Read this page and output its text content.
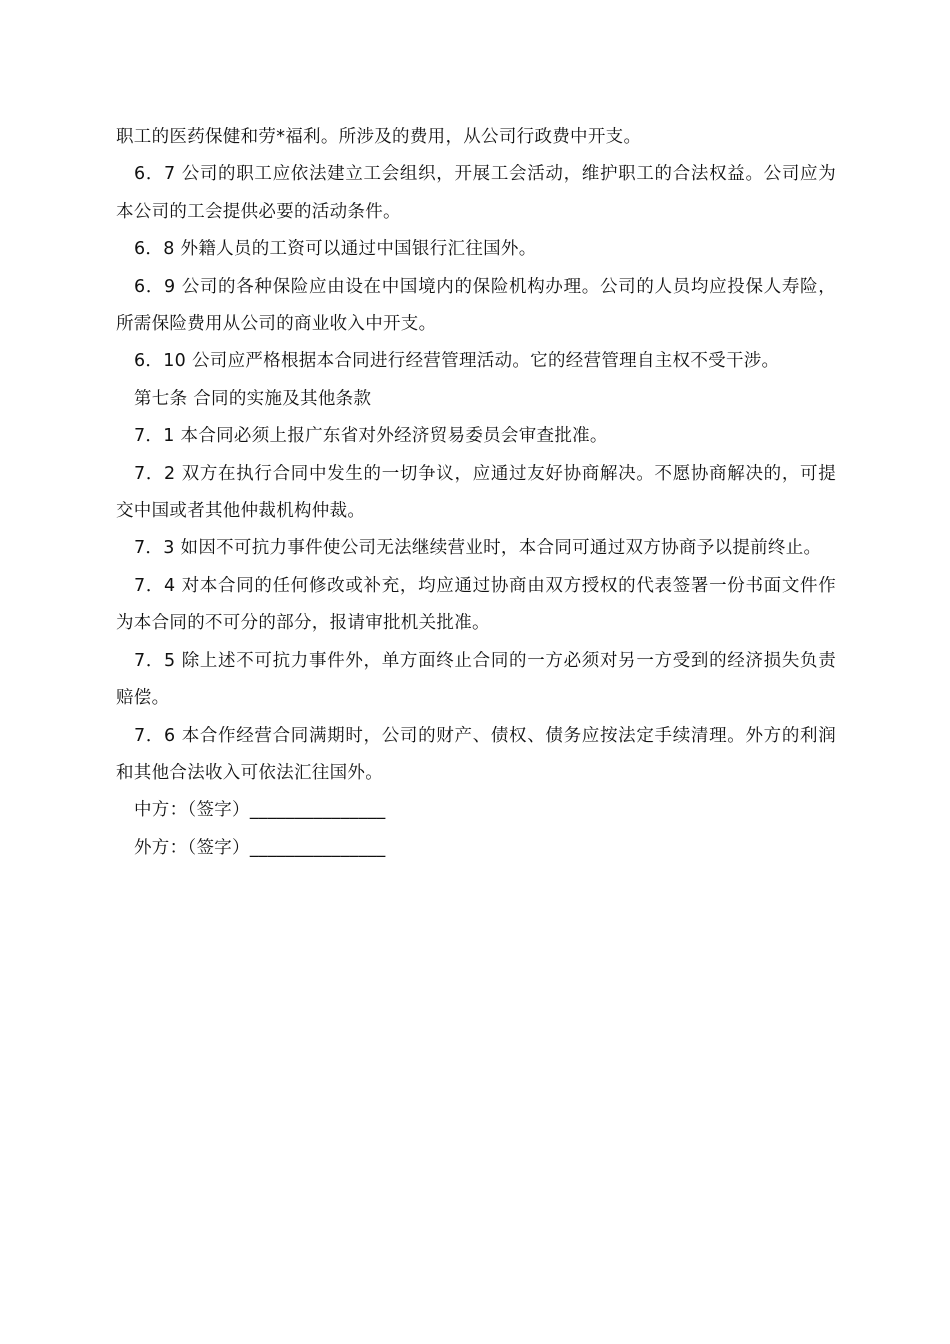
职工的医药保健和劳*福利。所涉及的费用，从公司行政费中开支。

6．7 公司的职工应依法建立工会组织，开展工会活动，维护职工的合法权益。公司应为本公司的工会提供必要的活动条件。

6．8 外籍人员的工资可以通过中国银行汇往国外。

6．9 公司的各种保险应由设在中国境内的保险机构办理。公司的人员均应投保人寿险，所需保险费用从公司的商业收入中开支。

6．10 公司应严格根据本合同进行经营管理活动。它的经营管理自主权不受干涉。

第七条 合同的实施及其他条款

7．1 本合同必须上报广东省对外经济贸易委员会审查批准。

7．2 双方在执行合同中发生的一切争议，应通过友好协商解决。不愿协商解决的，可提交中国或者其他仲裁机构仲裁。

7．3 如因不可抗力事件使公司无法继续营业时，本合同可通过双方协商予以提前终止。

7．4 对本合同的任何修改或补充，均应通过协商由双方授权的代表签署一份书面文件作为本合同的不可分的部分，报请审批机关批准。

7．5 除上述不可抗力事件外，单方面终止合同的一方必须对另一方受到的经济损失负责赔偿。

7．6 本合作经营合同满期时，公司的财产、债权、债务应按法定手续清理。外方的利润和其他合法收入可依法汇往国外。

中方：（签字）_______________

外方：（签字）_______________
